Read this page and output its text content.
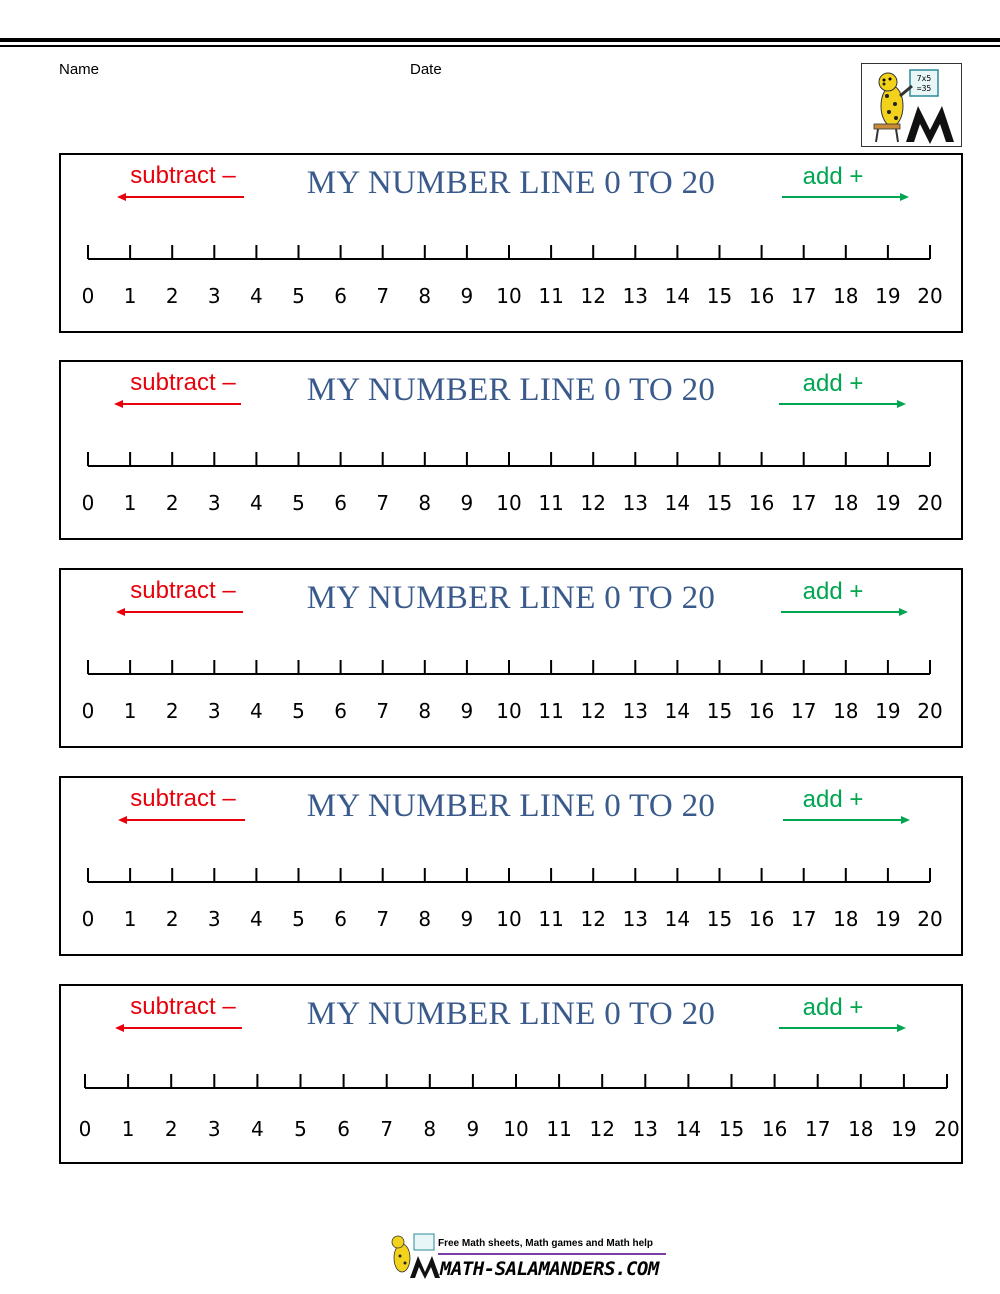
Name	Date
7x5
=35
subtract –	MY NUMBER LINE 0 TO 20	add +
0 1 2 3 4 5 6 7 8 9 10 11 12 13 14 15 16 17 18 19 20
subtract –	MY NUMBER LINE 0 TO 20	add +
0 1 2 3 4 5 6 7 8 9 10 11 12 13 14 15 16 17 18 19 20
subtract –	MY NUMBER LINE 0 TO 20	add +
0 1 2 3 4 5 6 7 8 9 10 11 12 13 14 15 16 17 18 19 20
subtract –	MY NUMBER LINE 0 TO 20	add +
0 1 2 3 4 5 6 7 8 9 10 11 12 13 14 15 16 17 18 19 20
subtract –	MY NUMBER LINE 0 TO 20	add +
0 1 2 3 4 5 6 7 8 9 10 11 12 13 14 15 16 17 18 19 20
Free Math sheets, Math games and Math help
MATH-SALAMANDERS.COM
